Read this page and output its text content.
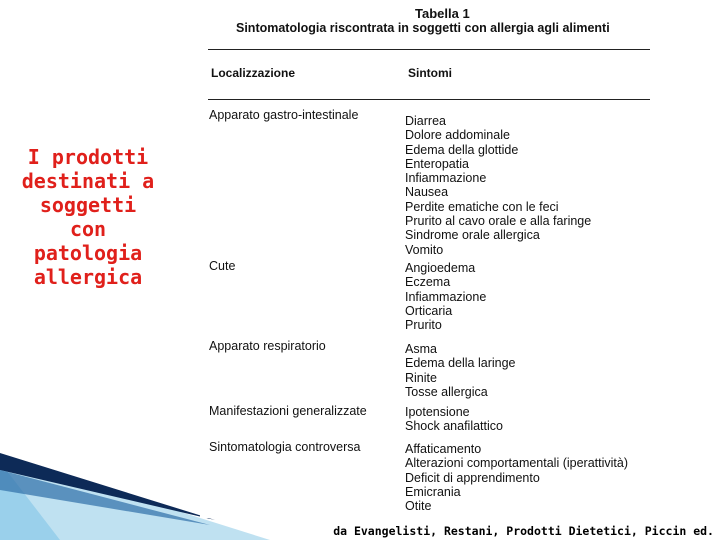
I prodotti
destinati a
soggetti
con
patologia
allergica
Tabella 1
Sintomatologia riscontrata in soggetti con allergia agli alimenti
Localizzazione	Sintomi
Apparato gastro-intestinale	Diarrea
Dolore addominale
Edema della glottide
Enteropatia
Infiammazione
Nausea
Perdite ematiche con le feci
Prurito al cavo orale e alla faringe
Sindrome orale allergica
Vomito
Cute	Angioedema
Eczema
Infiammazione
Orticaria
Prurito
Apparato respiratorio	Asma
Edema della laringe
Rinite
Tosse allergica
Manifestazioni generalizzate	Ipotensione
Shock anafilattico
Sintomatologia controversa	Affaticamento
Alterazioni comportamentali (iperattività)
Deficit di apprendimento
Emicrania
Otite
da Evangelisti, Restani, Prodotti Dietetici, Piccin ed.
